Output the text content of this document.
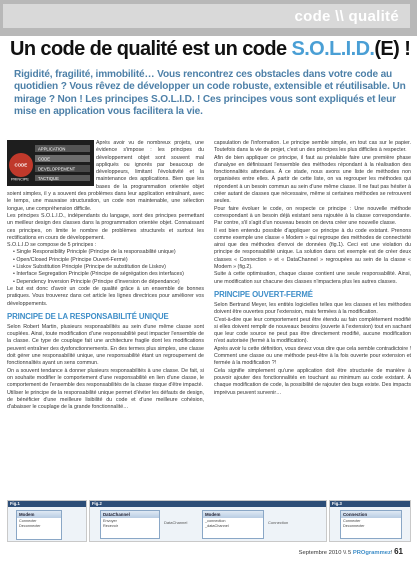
code \\ qualité
Un code de qualité est un code S.O.L.I.D.(E) !
Rigidité, fragilité, immobilité… Vous rencontrez ces obstacles dans votre code au quotidien ? Vous rêvez de développer un code robuste, extensible et réutilisable. Un mirage ? Non ! Les principes S.O.L.I.D. ! Ces principes vous sont expliqués et leur mise en application vous facilitera la vie.
APPLICATION
CODE
DEVELOPPEMENT
TACTIQUE
PRINCIPE
CODE

Après avoir vu de nombreux projets, une évidence s'impose : les principes du développement objet sont souvent mal appliqués ou ignorés par beaucoup de développeurs, limitant l'évolutivité et la maintenance des applications. Bien que les bases de la programmation orientée objet soient simples, il y a souvent des problèmes dans leur application entraînant, avec le temps, une mauvaise structuration, un code non maintenable, une sélection longue, une compréhension difficile.

Les principes S.O.L.I.D., indépendants du langage, sont des principes permettant un meilleur design des classes dans la programmation orientée objet. Connaissant ces principes, on limite le nombre de problèmes structurels et surtout les rectifications en cours de développement.

S.O.L.I.D se compose de 5 principes :

• Single Responsibility Principle (Principe de la responsabilité unique)
• Open/Closed Principle (Principe Ouvert-Fermé)
• Liskov Substitution Principle (Principe de substitution de Liskov)
• Interface Segregation Principle (Principe de ségrégation des interfaces)
• Dependency Inversion Principle (Principe d'inversion de dépendance)

Le but est donc d'avoir un code de qualité grâce à un ensemble de bonnes pratiques. Vous trouverez dans cet article les lignes directrices pour améliorer vos développements.

PRINCIPE DE LA RESPONSABILITÉ UNIQUE

Selon Robert Martin, plusieurs responsabilités au sein d'une même classe sont couplées. Ainsi, toute modification d'une responsabilité peut impacter l'ensemble de la classe. Ce type de couplage fait une architecture fragile dont les modifications peuvent entraîner des dysfonctionnements. En des termes plus simples, une classe doit gérer une responsabilité unique, une responsabilité étant un regroupement de fonctionnalités ayant un sens commun.

On a souvent tendance à donner plusieurs responsabilités à une classe. De fait, si on souhaite modifier le comportement d'une responsabilité en lien d'une classe, le comportement de l'ensemble des responsabilités de la classe risque d'être impacté.

Utiliser le principe de la responsabilité unique permet d'éviter les défauts de design, de bénéficier d'une meilleure lisibilité du code et d'une meilleure cohésion, d'abaisser le couplage de la grande fonctionnalité…

capsulation de l'information. Le principe semble simple, en tout cas sur le papier. Toutefois dans la vie de projet, c'est un des principes les plus difficiles à respecter.

Afin de bien appliquer ce principe, il faut au préalable faire une première phase d'analyse en définissant l'ensemble des méthodes répondant à la réalisation des fonctionnalités attendues. À ce stade, nous avons une liste de méthodes non organisées entre elles. À partir de cette liste, on va regrouper les méthodes qui répondent à un besoin commun au sein d'une même classe. Il ne faut pas hésiter à créer autant de classes que nécessaire, même si certaines méthodes se retrouvent seules.

Pour faire évoluer le code, on respecte ce principe : Une nouvelle méthode correspondant à un besoin déjà existant sera rajoutée à la classe correspondante. Par contre, s'il s'agit d'un nouveau besoin on devra créer une nouvelle classe.

Il est bien entendu possible d'appliquer ce principe à du code existant. Prenons comme exemple une classe « Modem » qui regroupe des méthodes de connectivité ainsi que des méthodes d'envoi de données (fig.1). Ceci est une violation du principe de responsabilité unique. La solution dans cet exemple est de créer deux classes « Connection » et « DataChannel » regroupées au sein de la classe « Modem » (fig.2).

Suite à cette optimisation, chaque classe contient une seule responsabilité. Ainsi, une modification sur chacune des classes n'impactera plus les autres classes.

PRINCIPE OUVERT-FERMÉ

Selon Bertrand Meyer, les entités logicielles telles que les classes et les méthodes doivent être ouvertes pour l'extension, mais fermées à la modification.

C'est-à-dire que leur comportement peut être étendu au fain complètement modifié si elles doivent remplir de nouveaux besoins (ouverte à l'extension) tout en sachant que leur code source ne peut pas être directement modifié, aucune modification n'est autorisée (fermé à la modification).

Après avoir lu cette définition, vous devez vous dire que cela semble contradictoire ! Comment une classe ou une méthode peut-être à la fois ouverte pour extension et fermée à la modification ?!

Cela signifie simplement qu'une application doit être structurée de manière à pouvoir ajouter des fonctionnalités en touchant au minimum au code existant. À chaque modification de code, la possibilité de rajouter des bugs existe. Des impacts imprévus peuvent survenir…

Fig.1
Modem
Connecter
Deconnecter
Fig.2
DataChannel
Envoyer
Recevoir
DataChannel
Modem
_connection
_dataChannel
Connection
Fig.3
Connection
Connecter
Deconnecter
Septembre 2010 \\ 5 PROgrammez! 61
